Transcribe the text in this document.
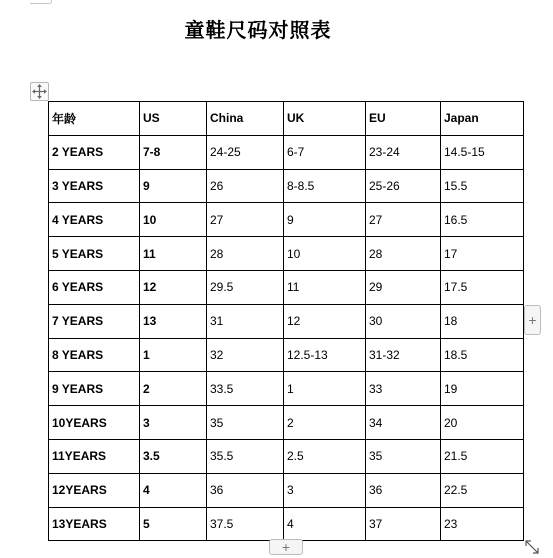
童鞋尺码对照表
年龄	US	China	UK	EU	Japan
2 YEARS	7-8	24-25	6-7	23-24	14.5-15
3 YEARS	9	26	8-8.5	25-26	15.5
4 YEARS	10	27	9	27	16.5
5 YEARS	11	28	10	28	17
6 YEARS	12	29.5	11	29	17.5
7 YEARS	13	31	12	30	18
8 YEARS	1	32	12.5-13	31-32	18.5
9 YEARS	2	33.5	1	33	19
10YEARS	3	35	2	34	20
11YEARS	3.5	35.5	2.5	35	21.5
12YEARS	4	36	3	36	22.5
13YEARS	5	37.5	4	37	23
+
+
